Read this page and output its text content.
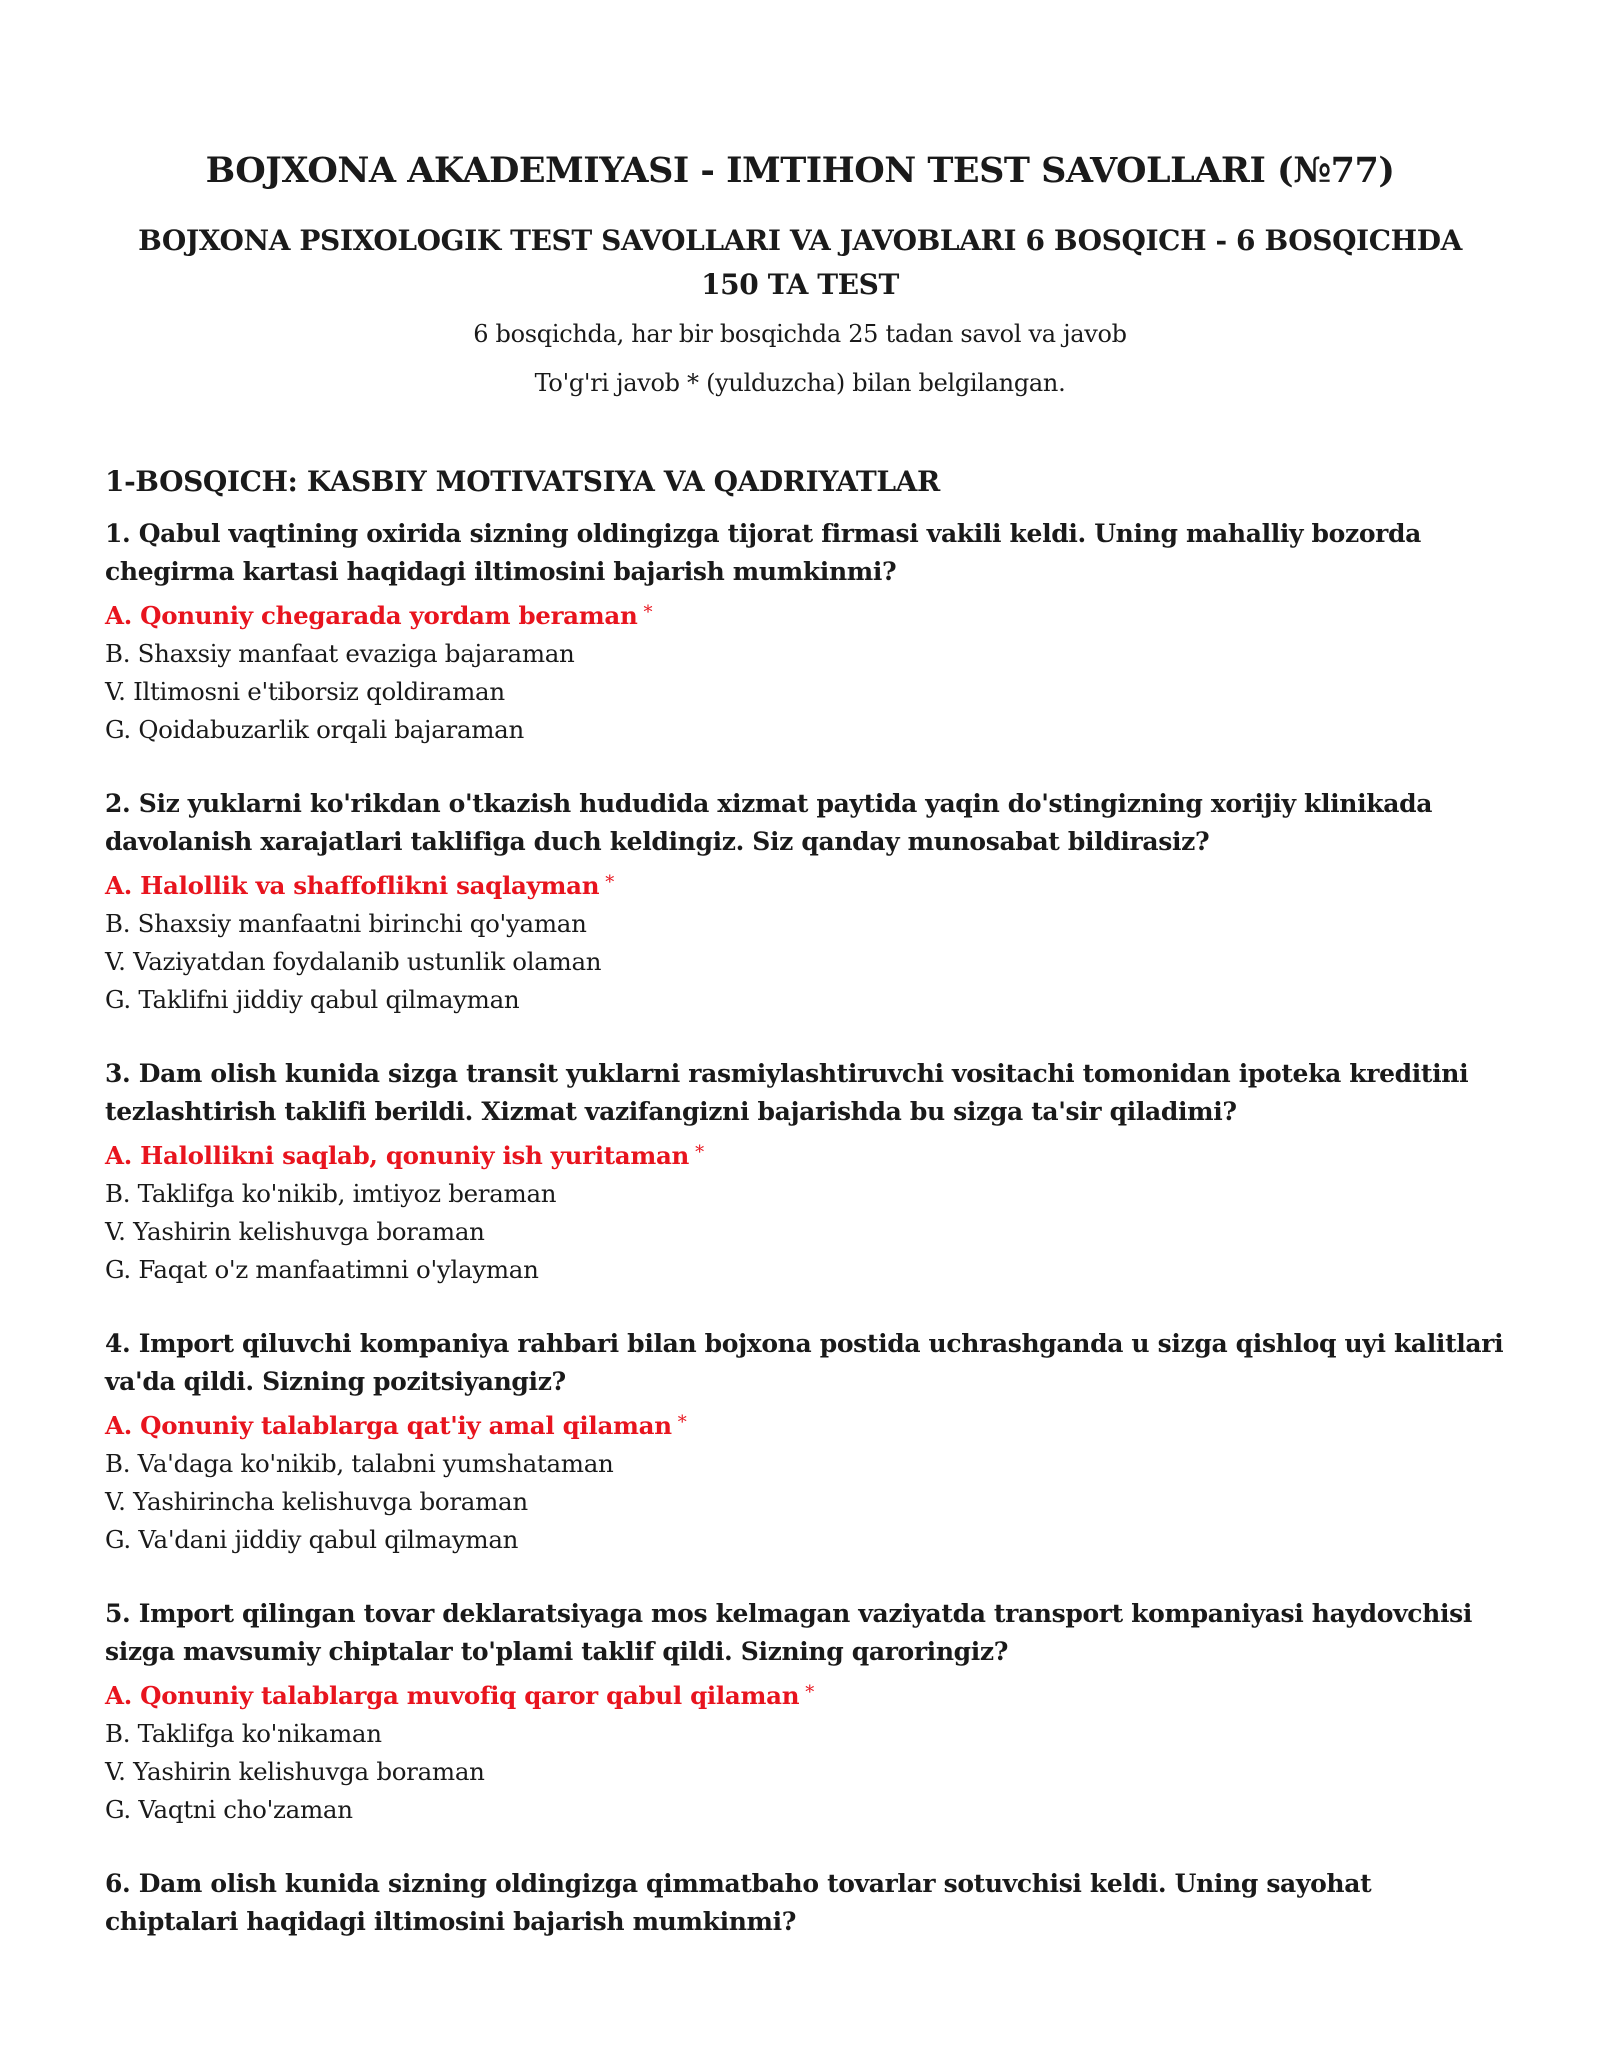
BOJXONA AKADEMIYASI - IMTIHON TEST SAVOLLARI (№77)
BOJXONA PSIXOLOGIK TEST SAVOLLARI VA JAVOBLARI 6 BOSQICH - 6 BOSQICHDA 150 TA TEST
6 bosqichda, har bir bosqichda 25 tadan savol va javob
To'g'ri javob * (yulduzcha) bilan belgilangan.
1-BOSQICH: KASBIY MOTIVATSIYA VA QADRIYATLAR

1. Qabul vaqtining oxirida sizning oldingizga tijorat firmasi vakili keldi. Uning mahalliy bozorda chegirma kartasi haqidagi iltimosini bajarish mumkinmi?

A. Qonuniy chegarada yordam beraman *

B. Shaxsiy manfaat evaziga bajaraman

V. Iltimosni e'tiborsiz qoldiraman

G. Qoidabuzarlik orqali bajaraman

2. Siz yuklarni ko'rikdan o'tkazish hududida xizmat paytida yaqin do'stingizning xorijiy klinikada davolanish xarajatlari taklifiga duch keldingiz. Siz qanday munosabat bildirasiz?

A. Halollik va shaffoflikni saqlayman *

B. Shaxsiy manfaatni birinchi qo'yaman

V. Vaziyatdan foydalanib ustunlik olaman

G. Taklifni jiddiy qabul qilmayman

3. Dam olish kunida sizga transit yuklarni rasmiylashtiruvchi vositachi tomonidan ipoteka kreditini tezlashtirish taklifi berildi. Xizmat vazifangizni bajarishda bu sizga ta'sir qiladimi?

A. Halollikni saqlab, qonuniy ish yuritaman *

B. Taklifga ko'nikib, imtiyoz beraman

V. Yashirin kelishuvga boraman

G. Faqat o'z manfaatimni o'ylayman

4. Import qiluvchi kompaniya rahbari bilan bojxona postida uchrashganda u sizga qishloq uyi kalitlari va'da qildi. Sizning pozitsiyangiz?

A. Qonuniy talablarga qat'iy amal qilaman *

B. Va'daga ko'nikib, talabni yumshataman

V. Yashirincha kelishuvga boraman

G. Va'dani jiddiy qabul qilmayman

5. Import qilingan tovar deklaratsiyaga mos kelmagan vaziyatda transport kompaniyasi haydovchisi sizga mavsumiy chiptalar to'plami taklif qildi. Sizning qaroringiz?

A. Qonuniy talablarga muvofiq qaror qabul qilaman *

B. Taklifga ko'nikaman

V. Yashirin kelishuvga boraman

G. Vaqtni cho'zaman

6. Dam olish kunida sizning oldingizga qimmatbaho tovarlar sotuvchisi keldi. Uning sayohat chiptalari haqidagi iltimosini bajarish mumkinmi?
